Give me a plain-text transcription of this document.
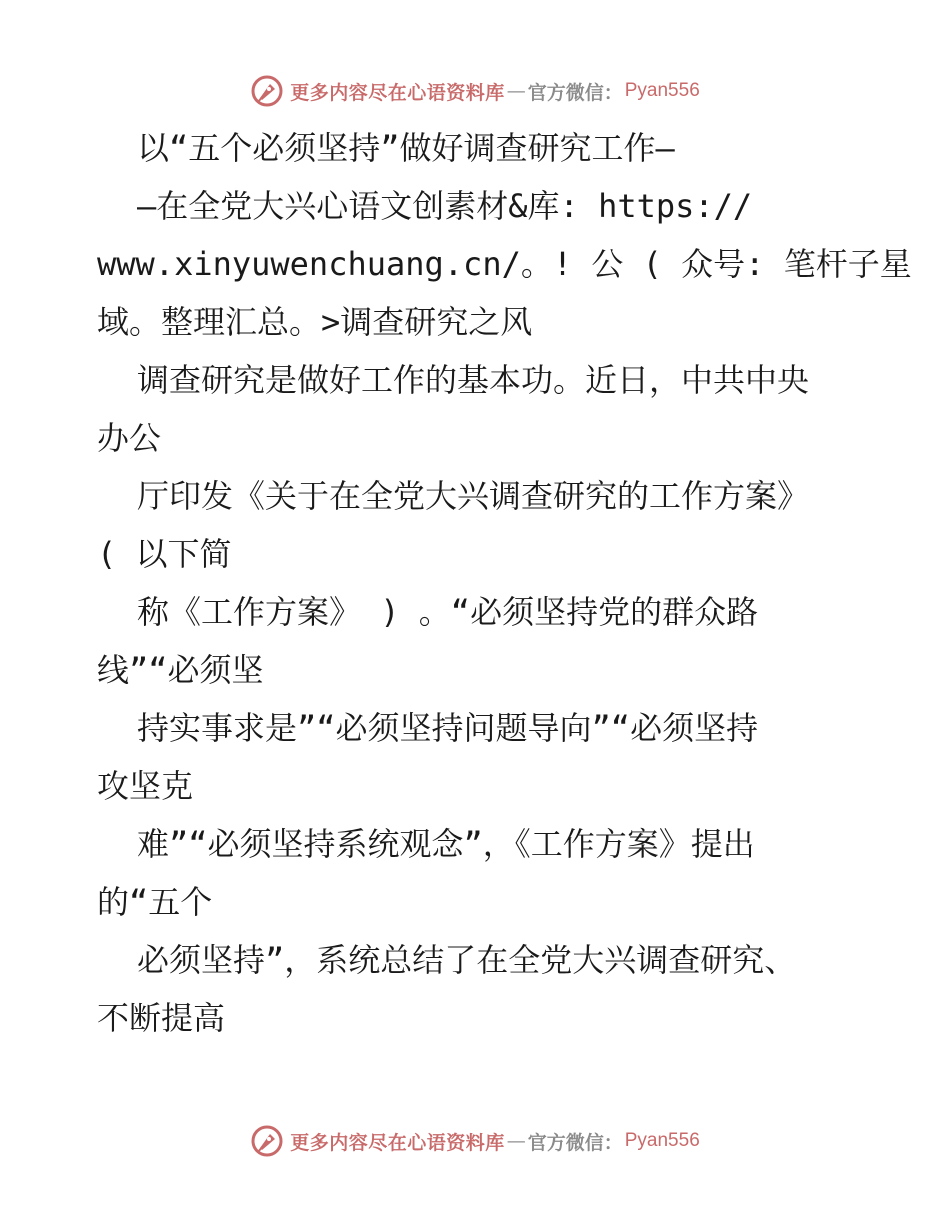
更多内容尽在心语资料库 — 官方微信： Pyan556
以“五个必须坚持”做好调查研究工作—
—在全党大兴心语文创素材&库: https://
www.xinyuwenchuang.cn/。! 公 ( 众号: 笔杆子星
域。整理汇总。>调查研究之风
调查研究是做好工作的基本功。近日，中共中央
办公
厅印发《关于在全党大兴调查研究的工作方案》
( 以下简
称《工作方案》 ) 。“必须坚持党的群众路
线”“必须坚
持实事求是”“必须坚持问题导向”“必须坚持
攻坚克
难”“必须坚持系统观念”，《工作方案》提出
的“五个
必须坚持”，系统总结了在全党大兴调查研究、
不断提高
更多内容尽在心语资料库 — 官方微信： Pyan556
